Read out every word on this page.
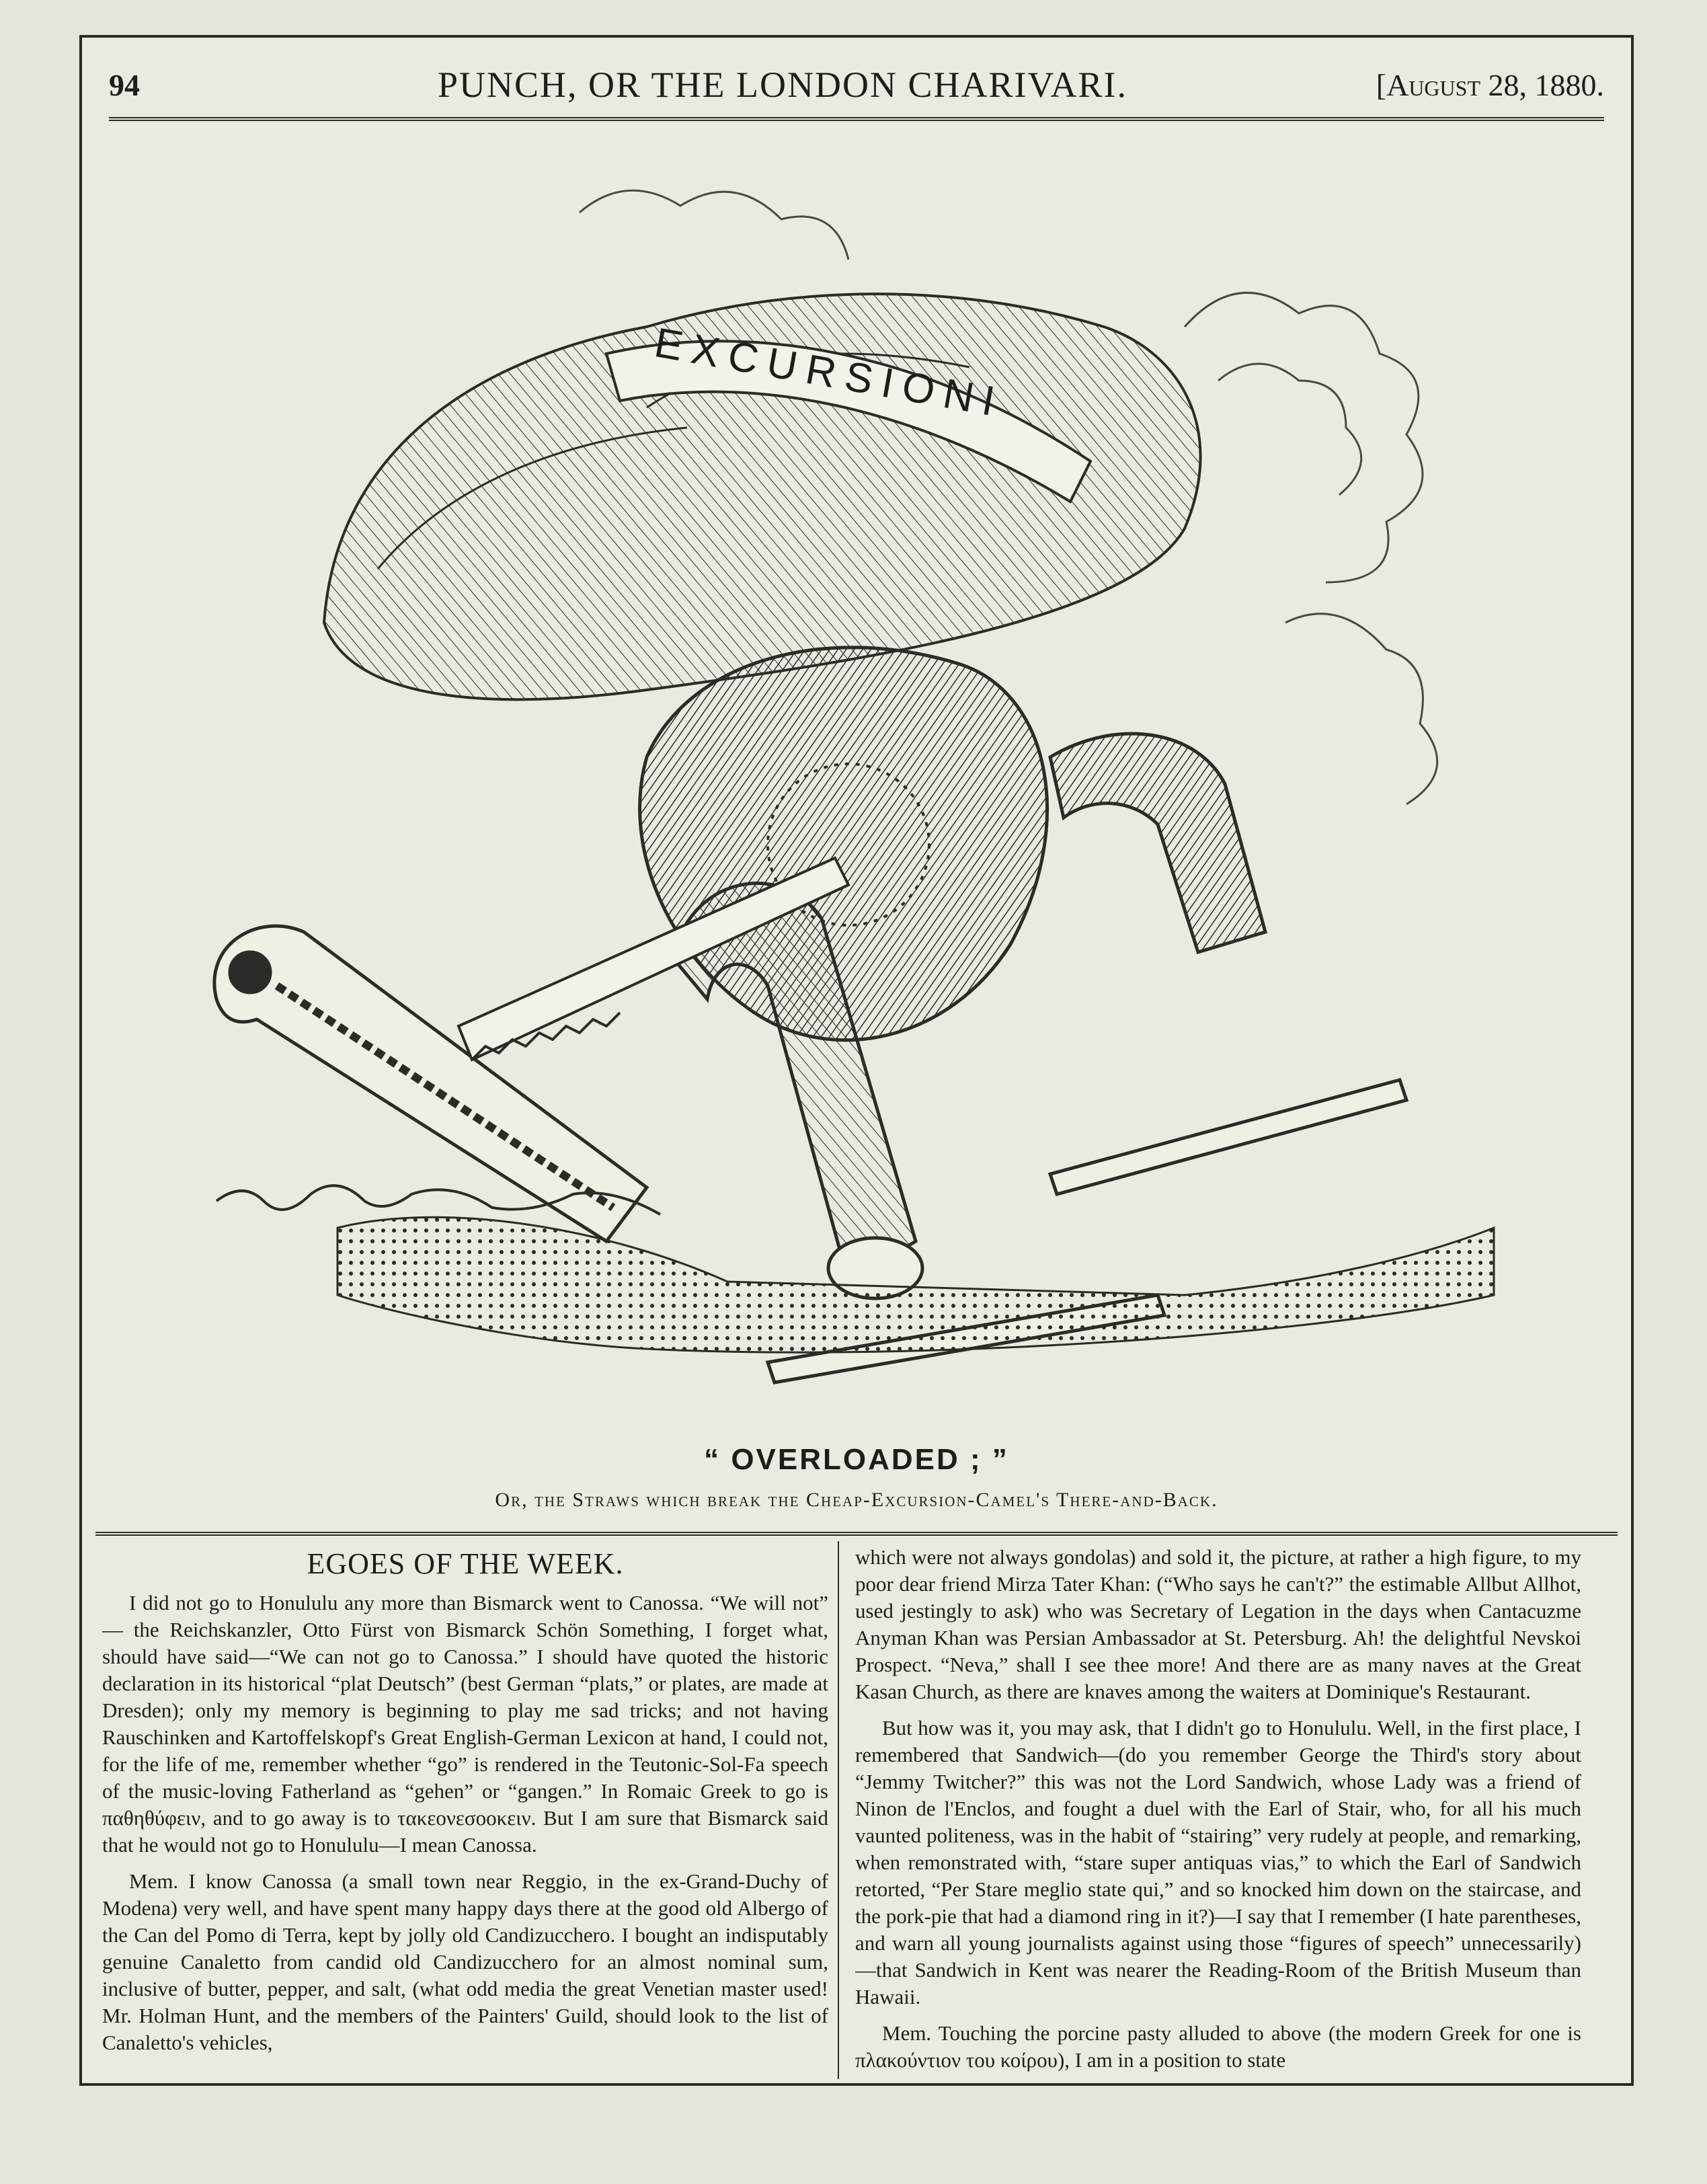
94	PUNCH, OR THE LONDON CHARIVARI.	[August 28, 1880.
EXCURSIONI
“ OVERLOADED ; ”
Or, the Straws which break the Cheap-Excursion-Camel's There-and-Back.
EGOES OF THE WEEK.

I did not go to Honululu any more than Bismarck went to Canossa. “We will not” — the Reichskanzler, Otto Fürst von Bismarck Schön Something, I forget what, should have said—“We can not go to Canossa.” I should have quoted the historic declaration in its historical “plat Deutsch” (best German “plats,” or plates, are made at Dresden); only my memory is beginning to play me sad tricks; and not having Rauschinken and Kartoffelskopf's Great English-German Lexicon at hand, I could not, for the life of me, remember whether “go” is rendered in the Teutonic-Sol-Fa speech of the music-loving Fatherland as “gehen” or “gangen.” In Romaic Greek to go is παθηθύφειν, and to go away is to τακεονεσοοκειν. But I am sure that Bismarck said that he would not go to Honululu—I mean Canossa.

Mem. I know Canossa (a small town near Reggio, in the ex-Grand-Duchy of Modena) very well, and have spent many happy days there at the good old Albergo of the Can del Pomo di Terra, kept by jolly old Candizucchero. I bought an indisputably genuine Canaletto from candid old Candizucchero for an almost nominal sum, inclusive of butter, pepper, and salt, (what odd media the great Venetian master used! Mr. Holman Hunt, and the members of the Painters' Guild, should look to the list of Canaletto's vehicles,

which were not always gondolas) and sold it, the picture, at rather a high figure, to my poor dear friend Mirza Tater Khan: (“Who says he can't?” the estimable Allbut Allhot, used jestingly to ask) who was Secretary of Legation in the days when Cantacuzme Anyman Khan was Persian Ambassador at St. Petersburg. Ah! the delightful Nevskoi Prospect. “Neva,” shall I see thee more! And there are as many naves at the Great Kasan Church, as there are knaves among the waiters at Dominique's Restaurant.

But how was it, you may ask, that I didn't go to Honululu. Well, in the first place, I remembered that Sandwich—(do you remember George the Third's story about “Jemmy Twitcher?” this was not the Lord Sandwich, whose Lady was a friend of Ninon de l'Enclos, and fought a duel with the Earl of Stair, who, for all his much vaunted politeness, was in the habit of “stairing” very rudely at people, and remarking, when remonstrated with, “stare super antiquas vias,” to which the Earl of Sandwich retorted, “Per Stare meglio state qui,” and so knocked him down on the staircase, and the pork-pie that had a diamond ring in it?)—I say that I remember (I hate parentheses, and warn all young journalists against using those “figures of speech” unnecessarily)—that Sandwich in Kent was nearer the Reading-Room of the British Museum than Hawaii.

Mem. Touching the porcine pasty alluded to above (the modern Greek for one is πλακούντιον του κοίρου), I am in a position to state
